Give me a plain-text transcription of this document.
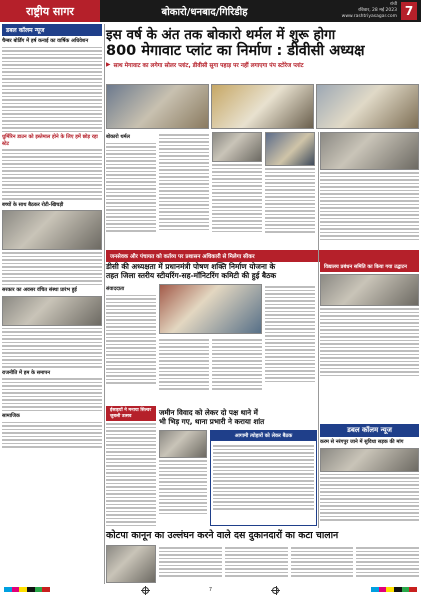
राष्ट्रीय सागर	बोकारो/धनबाद/गिरिडीह
रांची
रविवार, 28 मई 2023
www.rashtriyasagar.com 7
डबल कॉलम न्यूज
चैम्बर बोर्डिंग में हर्ष कनाई का वार्षिक अधिवेशन
धुर्मिरिन डाउन को इस्तेमाल होने के लिए हमें छोड़ रहा स्टेट
बच्चों के साथ बैठकर रोटी-खिचड़ी
सरकार का अवसर वंचित संस्था प्रारंभ हुई
राजनीति में हम के समापन
सामाजिक
इस वर्ष के अंत तक बोकारो थर्मल में शुरू होगा
800 मेगावाट प्लांट का निर्माण : डीवीसी अध्यक्ष
▶ साथ मेगावाट का लगेगा सोलर प्लांट, डीवीसी सुगा पहाड़ पर नहीं लगाएगा पंप स्टोरेज प्लांट
बोकारो थर्मल
जनसेवक और पंचायत को कर्तव्य पर प्रशासन अधिकारी से मिलेगा सीकर
डीसी की अध्यक्षता में प्रधानमंत्री पोषण शक्ति निर्माण योजना के
तहत जिला स्तरीय स्टीयरिंग-सह-मॉनिटरिंग कमिटी की हुई बैठक
संवाददाता
विद्यालय प्रबंधन समिति का किया गया उद्घाटन
डबल कॉलम न्यूज
करम से नरंगपुर जाने में सुविधा सड़क की मांग
ईसाइयों ने मनाया सिल्वर जुबली उत्सव	जमीन विवाद को लेकर दो पक्ष थाने में
भी भिड़ गए, थाना प्रभारी ने कराया शांत
आगामी त्योहारों को लेकर बैठक
कोटपा कानून का उल्लंघन करने वाले दस दुकानदारों का कटा चालान
7
